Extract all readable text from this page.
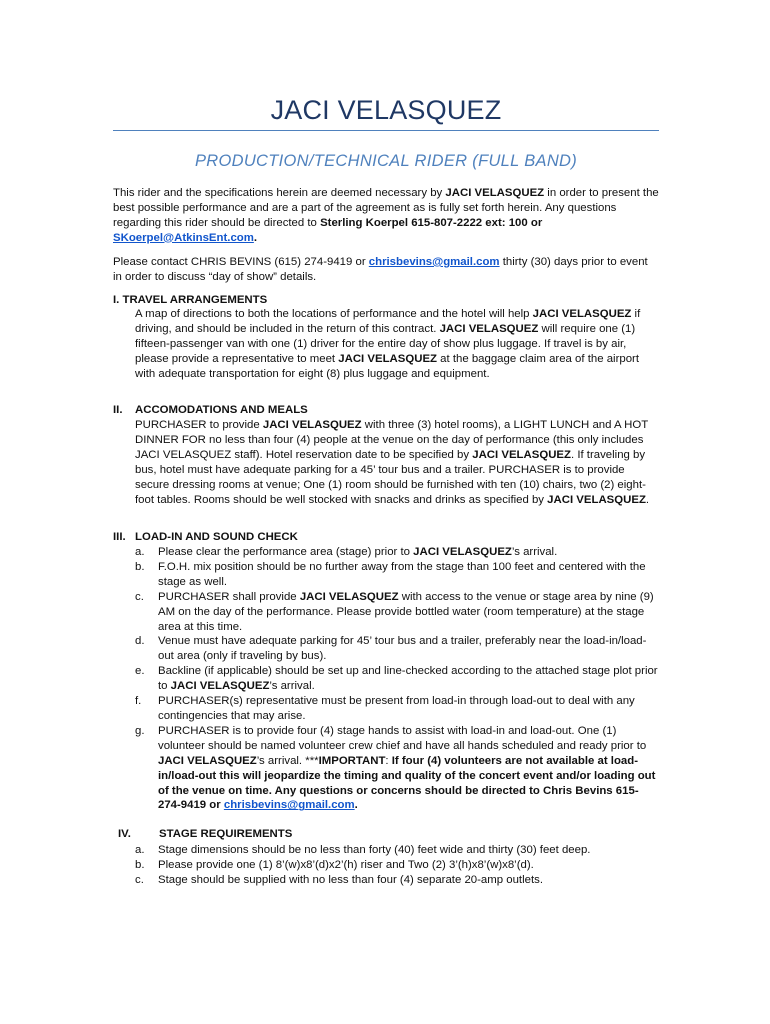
JACI VELASQUEZ
PRODUCTION/TECHNICAL RIDER (FULL BAND)

This rider and the specifications herein are deemed necessary by JACI VELASQUEZ in order to present the best possible performance and are a part of the agreement as is fully set forth herein. Any questions regarding this rider should be directed to Sterling Koerpel 615-807-2222 ext: 100 or SKoerpel@AtkinsEnt.com.

Please contact CHRIS BEVINS (615) 274-9419 or chrisbevins@gmail.com thirty (30) days prior to event in order to discuss “day of show” details.

I. TRAVEL ARRANGEMENTS

A map of directions to both the locations of performance and the hotel will help JACI VELASQUEZ if driving, and should be included in the return of this contract. JACI VELASQUEZ will require one (1) fifteen-passenger van with one (1) driver for the entire day of show plus luggage. If travel is by air, please provide a representative to meet JACI VELASQUEZ at the baggage claim area of the airport with adequate transportation for eight (8) plus luggage and equipment.

II. ACCOMODATIONS AND MEALS

PURCHASER to provide JACI VELASQUEZ with three (3) hotel rooms), a LIGHT LUNCH and A HOT DINNER FOR no less than four (4) people at the venue on the day of performance (this only includes JACI VELASQUEZ staff). Hotel reservation date to be specified by JACI VELASQUEZ. If traveling by bus, hotel must have adequate parking for a 45’ tour bus and a trailer. PURCHASER is to provide secure dressing rooms at venue; One (1) room should be furnished with ten (10) chairs, two (2) eight-foot tables. Rooms should be well stocked with snacks and drinks as specified by JACI VELASQUEZ.

III. LOAD-IN AND SOUND CHECK
a. Please clear the performance area (stage) prior to JACI VELASQUEZ’s arrival.
b. F.O.H. mix position should be no further away from the stage than 100 feet and centered with the stage as well.
c. PURCHASER shall provide JACI VELASQUEZ with access to the venue or stage area by nine (9) AM on the day of the performance. Please provide bottled water (room temperature) at the stage area at this time.
d. Venue must have adequate parking for 45’ tour bus and a trailer, preferably near the load-in/load-out area (only if traveling by bus).
e. Backline (if applicable) should be set up and line-checked according to the attached stage plot prior to JACI VELASQUEZ’s arrival.
f. PURCHASER(s) representative must be present from load-in through load-out to deal with any contingencies that may arise.
g. PURCHASER is to provide four (4) stage hands to assist with load-in and load-out. One (1) volunteer should be named volunteer crew chief and have all hands scheduled and ready prior to JACI VELASQUEZ’s arrival. ***IMPORTANT: If four (4) volunteers are not available at load- in/load-out this will jeopardize the timing and quality of the concert event and/or loading out of the venue on time. Any questions or concerns should be directed to Chris Bevins 615-274-9419 or chrisbevins@gmail.com.
IV. STAGE REQUIREMENTS
a. Stage dimensions should be no less than forty (40) feet wide and thirty (30) feet deep.
b. Please provide one (1) 8’(w)x8’(d)x2’(h) riser and Two (2) 3’(h)x8’(w)x8’(d).
c. Stage should be supplied with no less than four (4) separate 20-amp outlets.
